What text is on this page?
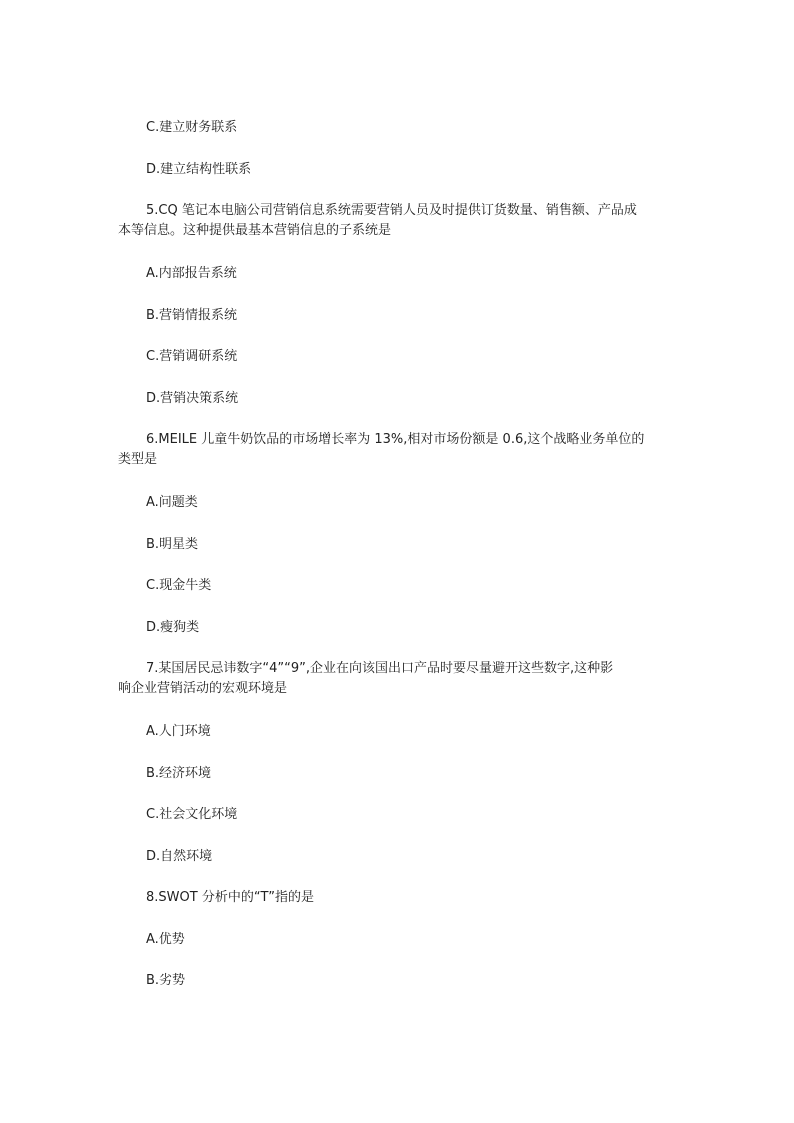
C.建立财务联系
D.建立结构性联系
5.CQ 笔记本电脑公司营销信息系统需要营销人员及时提供订货数量、销售额、产品成
本等信息。这种提供最基本营销信息的子系统是
A.内部报告系统
B.营销情报系统
C.营销调研系统
D.营销决策系统
6.MEILE 儿童牛奶饮品的市场增长率为 13%,相对市场份额是 0.6,这个战略业务单位的
类型是
A.问题类
B.明星类
C.现金牛类
D.瘦狗类
7.某国居民忌讳数字“4”“9”,企业在向该国出口产品时要尽量避开这些数字,这种影
响企业营销活动的宏观环境是
A.人门环境
B.经济环境
C.社会文化环境
D.自然环境
8.SWOT 分析中的“T”指的是
A.优势
B.劣势
